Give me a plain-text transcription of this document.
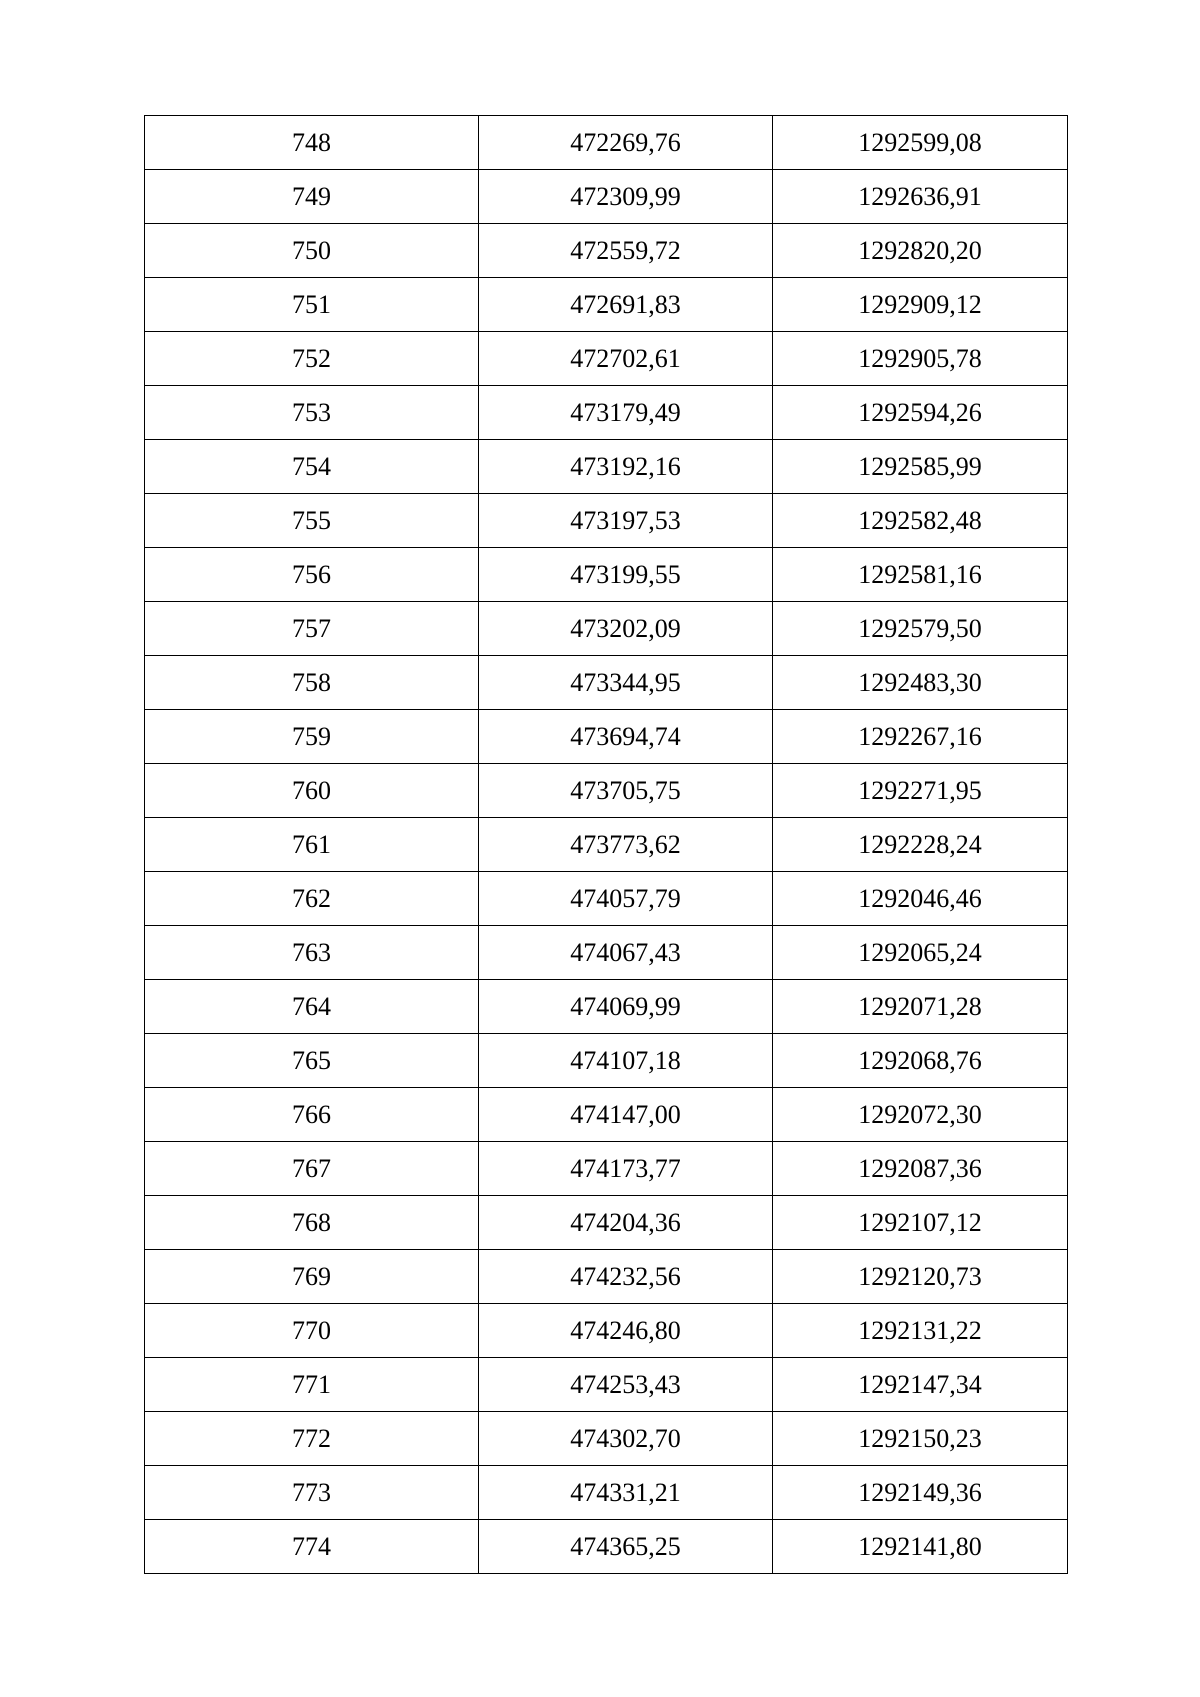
748	472269,76	1292599,08
749	472309,99	1292636,91
750	472559,72	1292820,20
751	472691,83	1292909,12
752	472702,61	1292905,78
753	473179,49	1292594,26
754	473192,16	1292585,99
755	473197,53	1292582,48
756	473199,55	1292581,16
757	473202,09	1292579,50
758	473344,95	1292483,30
759	473694,74	1292267,16
760	473705,75	1292271,95
761	473773,62	1292228,24
762	474057,79	1292046,46
763	474067,43	1292065,24
764	474069,99	1292071,28
765	474107,18	1292068,76
766	474147,00	1292072,30
767	474173,77	1292087,36
768	474204,36	1292107,12
769	474232,56	1292120,73
770	474246,80	1292131,22
771	474253,43	1292147,34
772	474302,70	1292150,23
773	474331,21	1292149,36
774	474365,25	1292141,80
